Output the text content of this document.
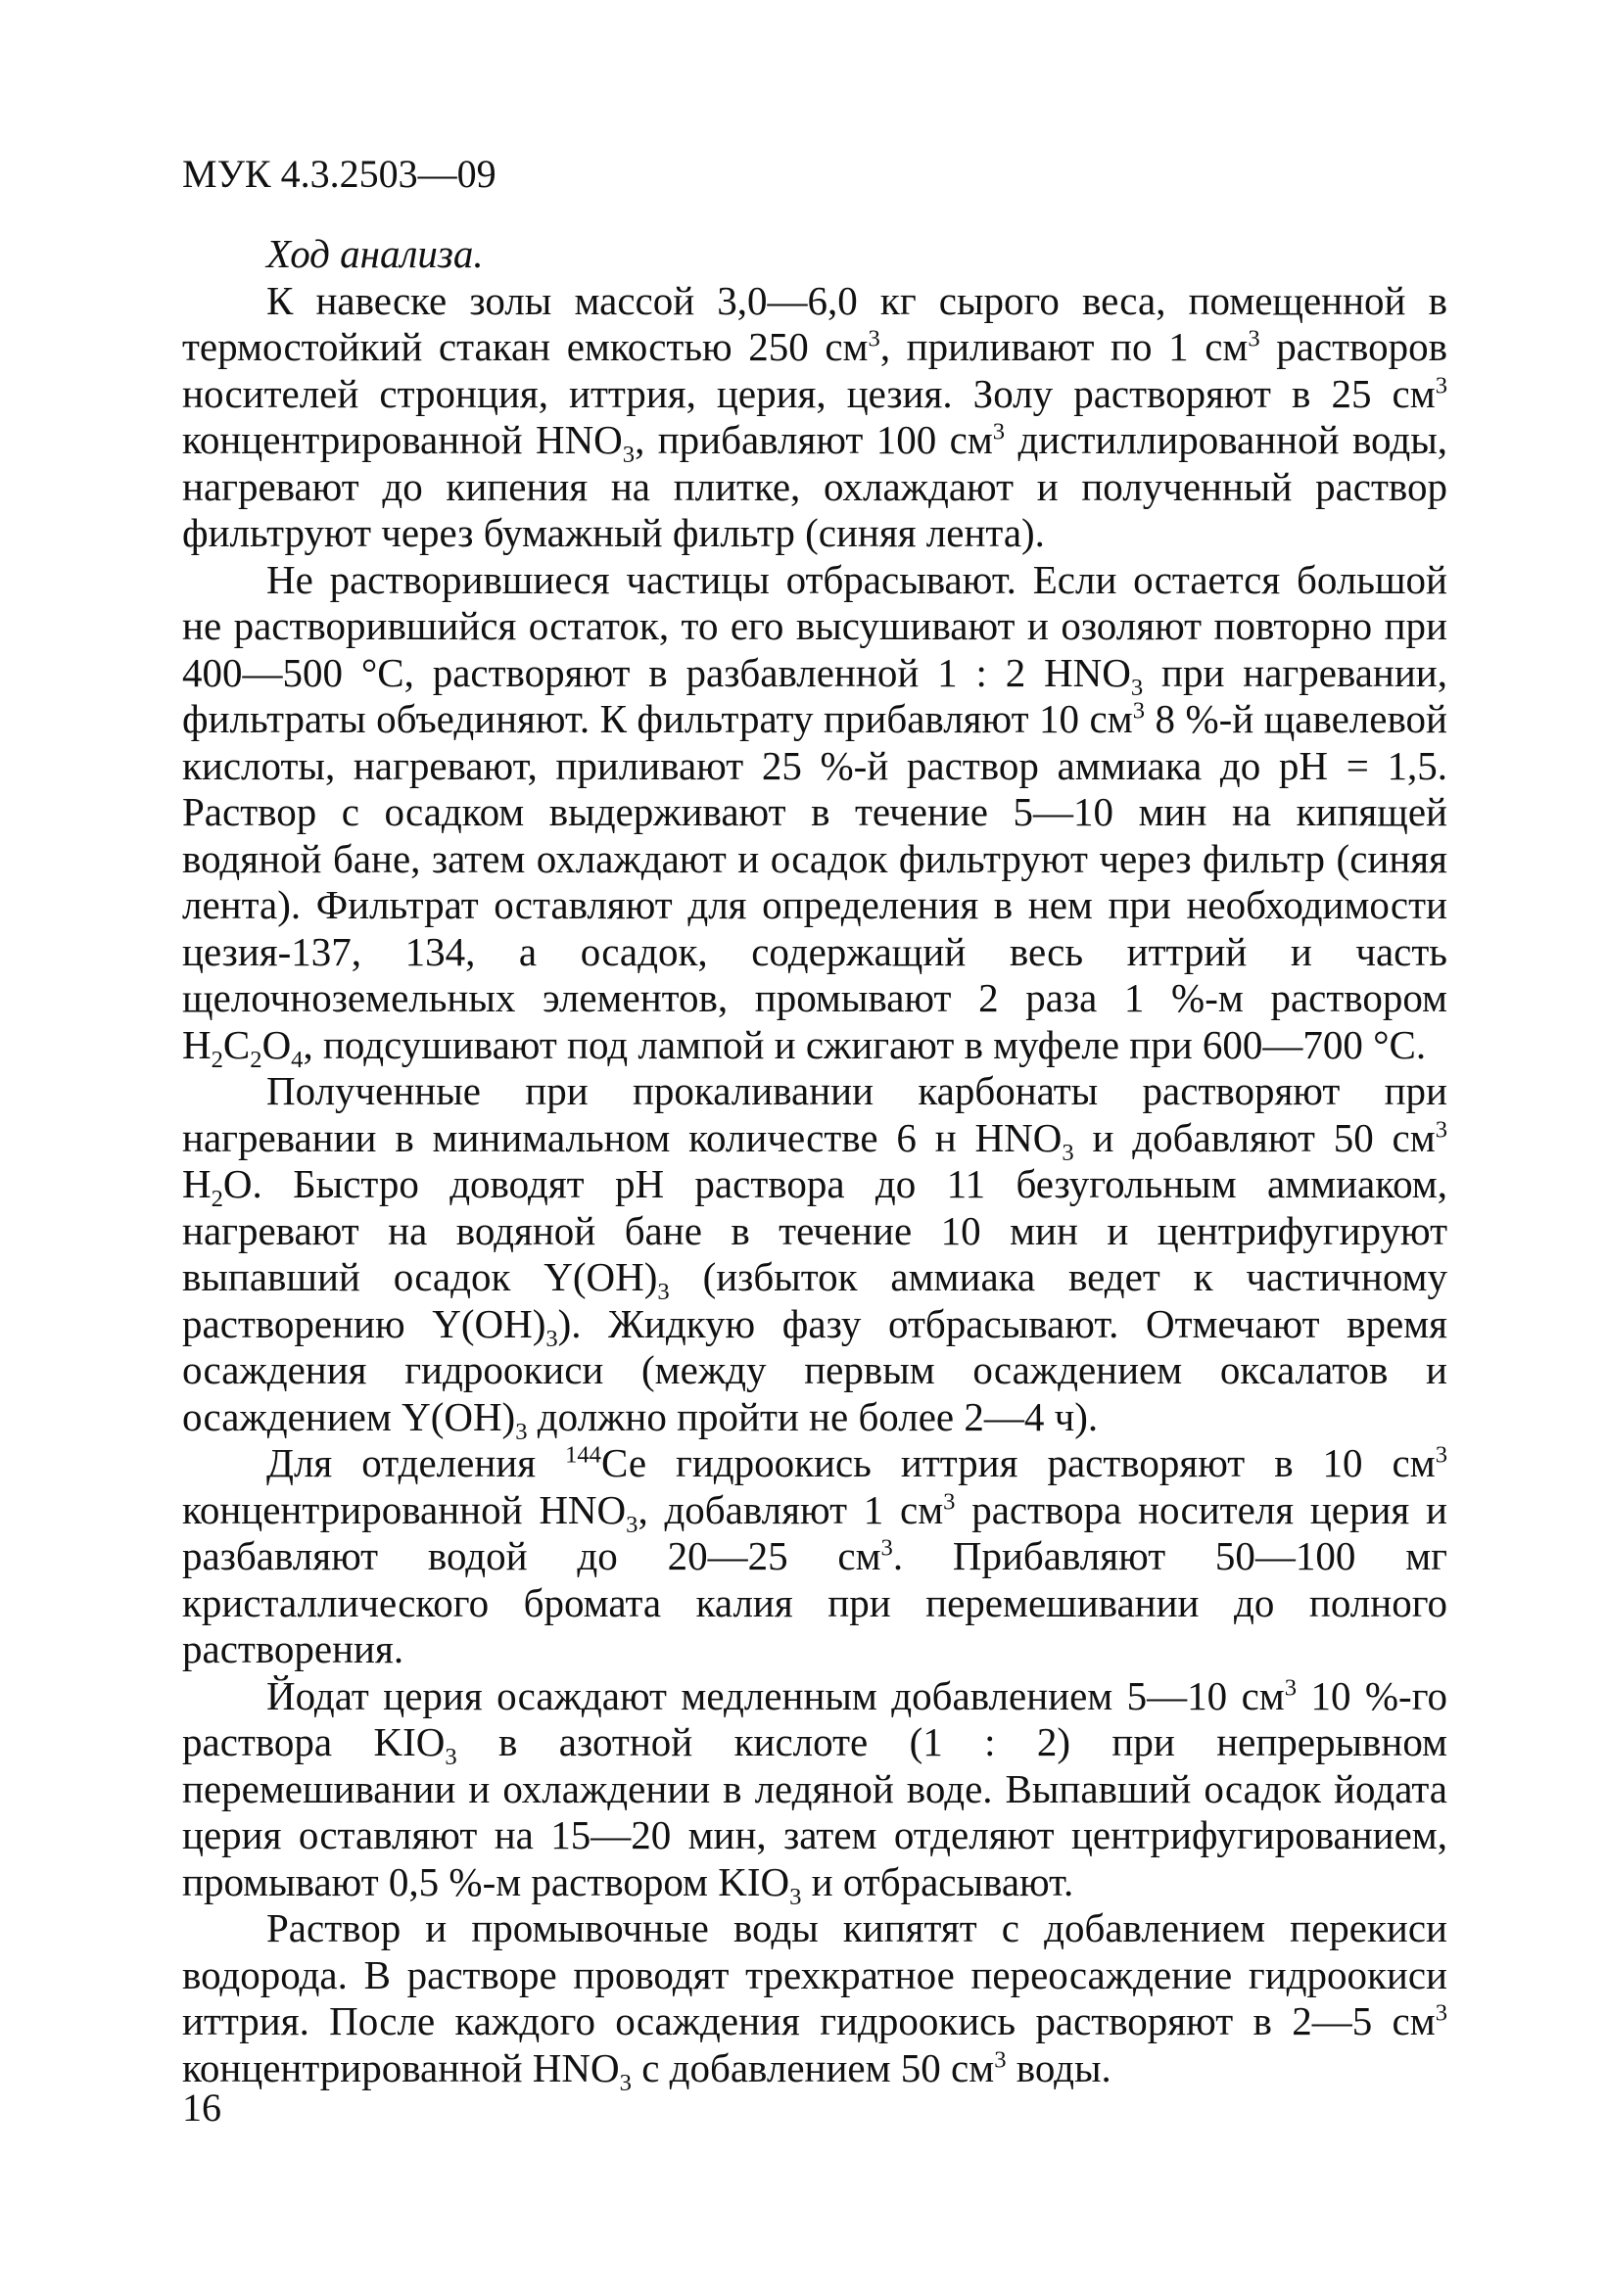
МУК 4.3.2503—09

Ход анализа.

К навеске золы массой 3,0—6,0 кг сырого веса, помещенной в термостойкий стакан емкостью 250 $см^3$, приливают по 1 $см^3$ растворов носителей стронция, иттрия, церия, цезия. Золу растворяют в 25 $см^3$ концентрированной $HNO_3$, прибавляют 100 $см^3$ дистиллированной воды, нагревают до кипения на плитке, охлаждают и полученный раствор фильтруют через бумажный фильтр (синяя лента).

Не растворившиеся частицы отбрасывают. Если остается большой не растворившийся остаток, то его высушивают и озоляют повторно при 400—500 °С, растворяют в разбавленной 1 : 2 $HNO_3$ при нагревании, фильтраты объединяют. К фильтрату прибавляют 10 $см^3$ 8 %-й щавелевой кислоты, нагревают, приливают 25 %-й раствор аммиака до pH = 1,5. Раствор с осадком выдерживают в течение 5—10 мин на кипящей водяной бане, затем охлаждают и осадок фильтруют через фильтр (синяя лента). Фильтрат оставляют для определения в нем при необходимости цезия-137, 134, а осадок, содержащий весь иттрий и часть щелочноземельных элементов, промывают 2 раза 1 %-м раствором $H_2C_2O_4$, подсушивают под лампой и сжигают в муфеле при 600—700 °С.

Полученные при прокаливании карбонаты растворяют при нагревании в минимальном количестве 6 н $HNO_3$ и добавляют 50 $см^3$ $H_2O$. Быстро доводят pH раствора до 11 безугольным аммиаком, нагревают на водяной бане в течение 10 мин и центрифугируют выпавший осадок $Y(OH)_3$ (избыток аммиака ведет к частичному растворению $Y(OH)_3$). Жидкую фазу отбрасывают. Отмечают время осаждения гидроокиси (между первым осаждением оксалатов и осаждением $Y(OH)_3$ должно пройти не более 2—4 ч).

Для отделения $^{144}$Се гидроокись иттрия растворяют в 10 $см^3$ концентрированной $HNO_3$, добавляют 1 $см^3$ раствора носителя церия и разбавляют водой до 20—25 $см^3$. Прибавляют 50—100 мг кристаллического бромата калия при перемешивании до полного растворения.

Йодат церия осаждают медленным добавлением 5—10 $см^3$ 10 %-го раствора $KIO_3$ в азотной кислоте (1 : 2) при непрерывном перемешивании и охлаждении в ледяной воде. Выпавший осадок йодата церия оставляют на 15—20 мин, затем отделяют центрифугированием, промывают 0,5 %-м раствором $KIO_3$ и отбрасывают.

Раствор и промывочные воды кипятят с добавлением перекиси водорода. В растворе проводят трехкратное переосаждение гидроокиси иттрия. После каждого осаждения гидроокись растворяют в 2—5 $см^3$ концентрированной $HNO_3$ с добавлением 50 $см^3$ воды.

16
